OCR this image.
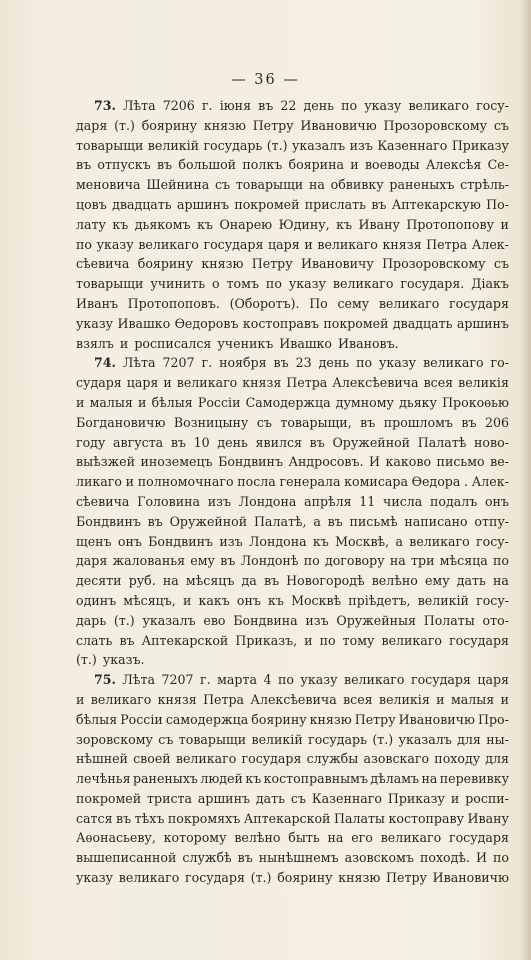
— 36 —
73. Лѣта 7206 г. іюня въ 22 день по указу великаго госу-
даря (т.) боярину князю Петру Ивановичю Прозоровскому съ
товарыщи великій государь (т.) указалъ изъ Казеннаго Приказу
въ отпускъ въ большой полкъ боярина и воеводы Алексѣя Се-
меновича Шейнина съ товарыщи на обвивку раненыхъ стрѣль-
цовъ двадцать аршинъ покромей прислать въ Аптекарскую По-
лату къ дьякомъ къ Онарею Юдину, къ Ивану Протопопову и
по указу великаго государя царя и великаго князя Петра Алек-
сѣевича боярину князю Петру Ивановичу Прозоровскому съ
товарыщи учинить о томъ по указу великаго государя. Діакъ
Иванъ Протопоповъ. (Оборотъ). По сему великаго государя
указу Ивашко Өедоровъ костоправъ покромей двадцать аршинъ
взялъ и росписался ученикъ Ивашко Ивановъ.
74. Лѣта 7207 г. ноября въ 23 день по указу великаго го-
сударя царя и великаго князя Петра Алексѣевича всея великія
и малыя и бѣлыя Россіи Самодержца думному дьяку Прокоѳью
Богдановичю Возницыну съ товарыщи, въ прошломъ въ 206
году августа въ 10 день явился въ Оружейной Палатѣ ново-
выѣзжей иноземецъ Бондвинъ Андросовъ. И каково письмо ве-
ликаго и полномочнаго посла генерала комисара Өедора . Алек-
сѣевича Головина изъ Лондона апрѣля 11 числа подалъ онъ
Бондвинъ въ Оружейной Палатѣ, а въ письмѣ написано отпу-
щенъ онъ Бондвинъ изъ Лондона къ Москвѣ, а великаго госу-
даря жалованья ему въ Лондонѣ по договору на три мѣсяца по
десяти руб. на мѣсяцъ да въ Новогородѣ велѣно ему дать на
одинъ мѣсяцъ, и какъ онъ къ Москвѣ пріѣдетъ, великій госу-
дарь (т.) указалъ ево Бондвина изъ Оружейныя Полаты ото-
слать въ Аптекарской Приказъ, и по тому великаго государя
(т.) указъ.
75. Лѣта 7207 г. марта 4 по указу великаго государя царя
и великаго князя Петра Алексѣевича всея великія и малыя и
бѣлыя Россіи самодержца боярину князю Петру Ивановичю Про-
зоровскому съ товарыщи великій государь (т.) указалъ для ны-
нѣшней своей великаго государя службы азовскаго походу для
лечѣнья раненыхъ людей къ костоправнымъ дѣламъ на перевивку
покромей триста аршинъ дать съ Казеннаго Приказу и роспи-
сатся въ тѣхъ покромяхъ Аптекарской Палаты костоправу Ивану
Аѳонасьеву, которому велѣно быть на его великаго государя
вышеписанной службѣ въ нынѣшнемъ азовскомъ походѣ. И по
указу великаго государя (т.) боярину князю Петру Ивановичю
